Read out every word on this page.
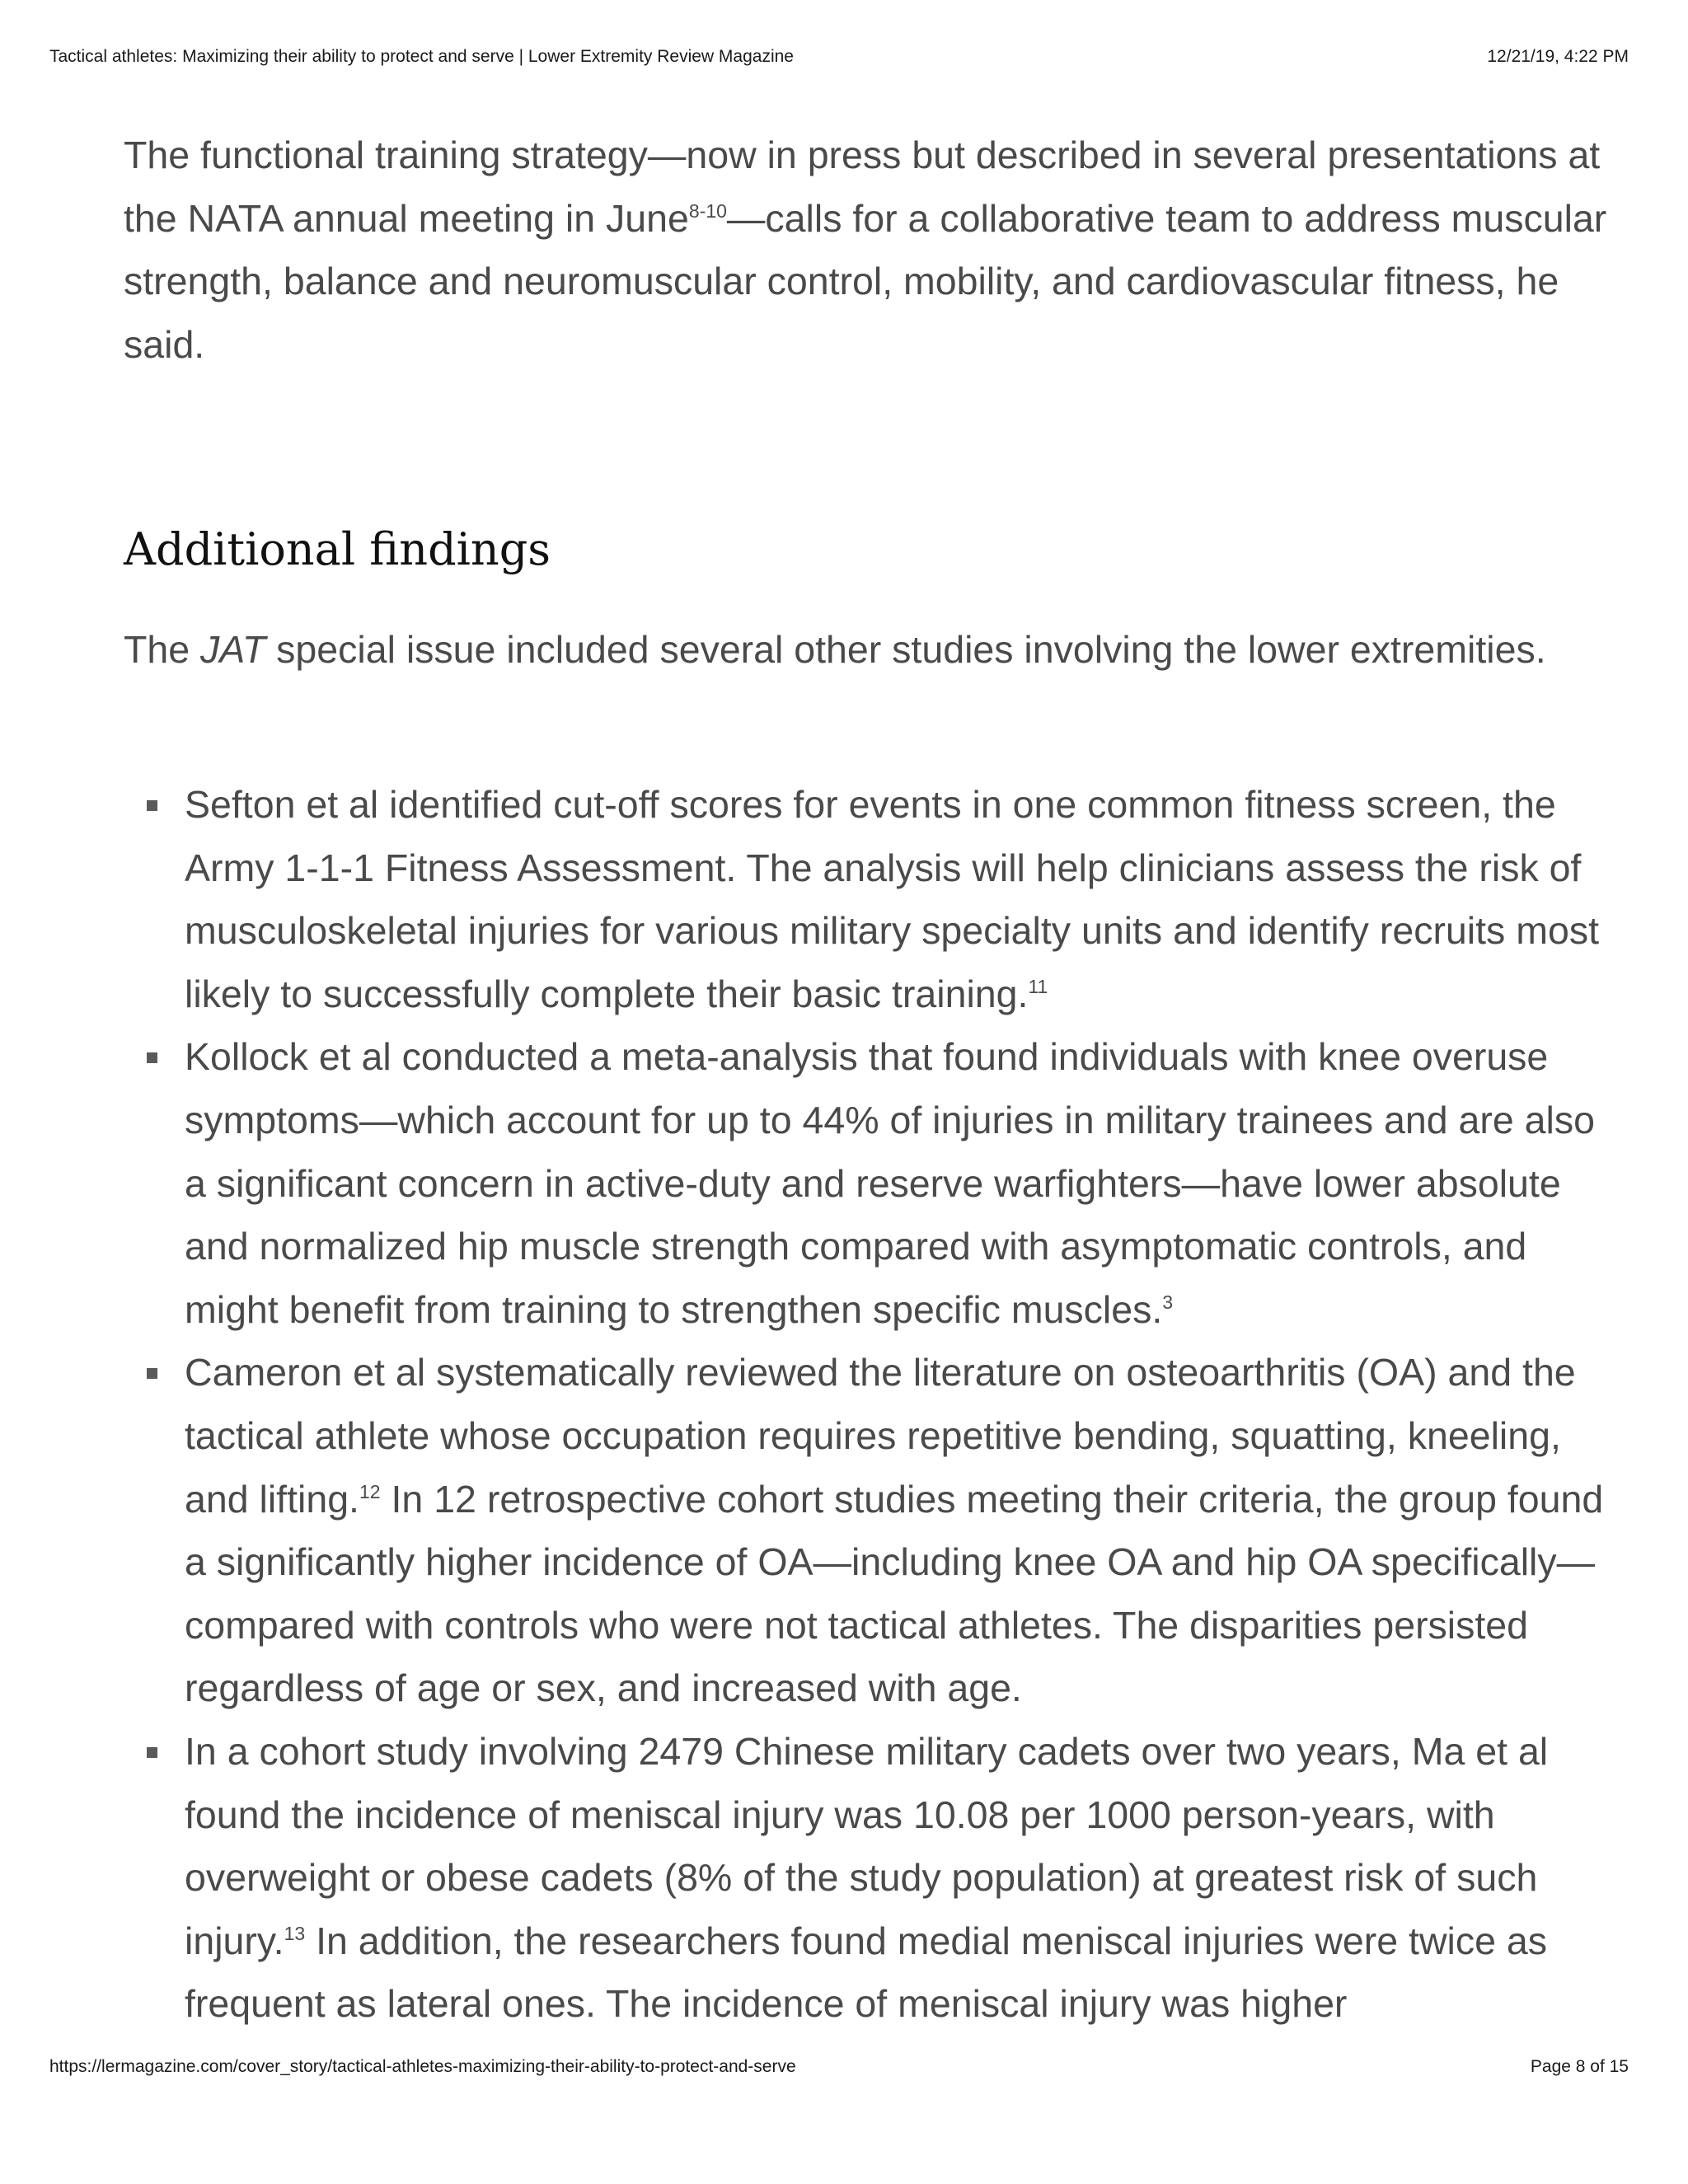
Tactical athletes: Maximizing their ability to protect and serve | Lower Extremity Review Magazine	12/21/19, 4:22 PM

The functional training strategy—now in press but described in several presentations at the NATA annual meeting in June$^{8-10}$—calls for a collaborative team to address muscular strength, balance and neuromuscular control, mobility, and cardiovascular fitness, he said.

Additional findings

The JAT special issue included several other studies involving the lower extremities.

Sefton et al identified cut-off scores for events in one common fitness screen, the Army 1-1-1 Fitness Assessment. The analysis will help clinicians assess the risk of musculoskeletal injuries for various military specialty units and identify recruits most likely to successfully complete their basic training.$^{11}$
Kollock et al conducted a meta-analysis that found individuals with knee overuse symptoms—which account for up to 44% of injuries in military trainees and are also a significant concern in active-duty and reserve warfighters—have lower absolute and normalized hip muscle strength compared with asymptomatic controls, and might benefit from training to strengthen specific muscles.$^3$
Cameron et al systematically reviewed the literature on osteoarthritis (OA) and the tactical athlete whose occupation requires repetitive bending, squatting, kneeling, and lifting.$^{12}$ In 12 retrospective cohort studies meeting their criteria, the group found a significantly higher incidence of OA—including knee OA and hip OA specifically—compared with controls who were not tactical athletes. The disparities persisted regardless of age or sex, and increased with age.
In a cohort study involving 2479 Chinese military cadets over two years, Ma et al found the incidence of meniscal injury was 10.08 per 1000 person-years, with overweight or obese cadets (8% of the study population) at greatest risk of such injury.$^{13}$ In addition, the researchers found medial meniscal injuries were twice as frequent as lateral ones. The incidence of meniscal injury was higher
https://lermagazine.com/cover_story/tactical-athletes-maximizing-their-ability-to-protect-and-serve	Page 8 of 15
